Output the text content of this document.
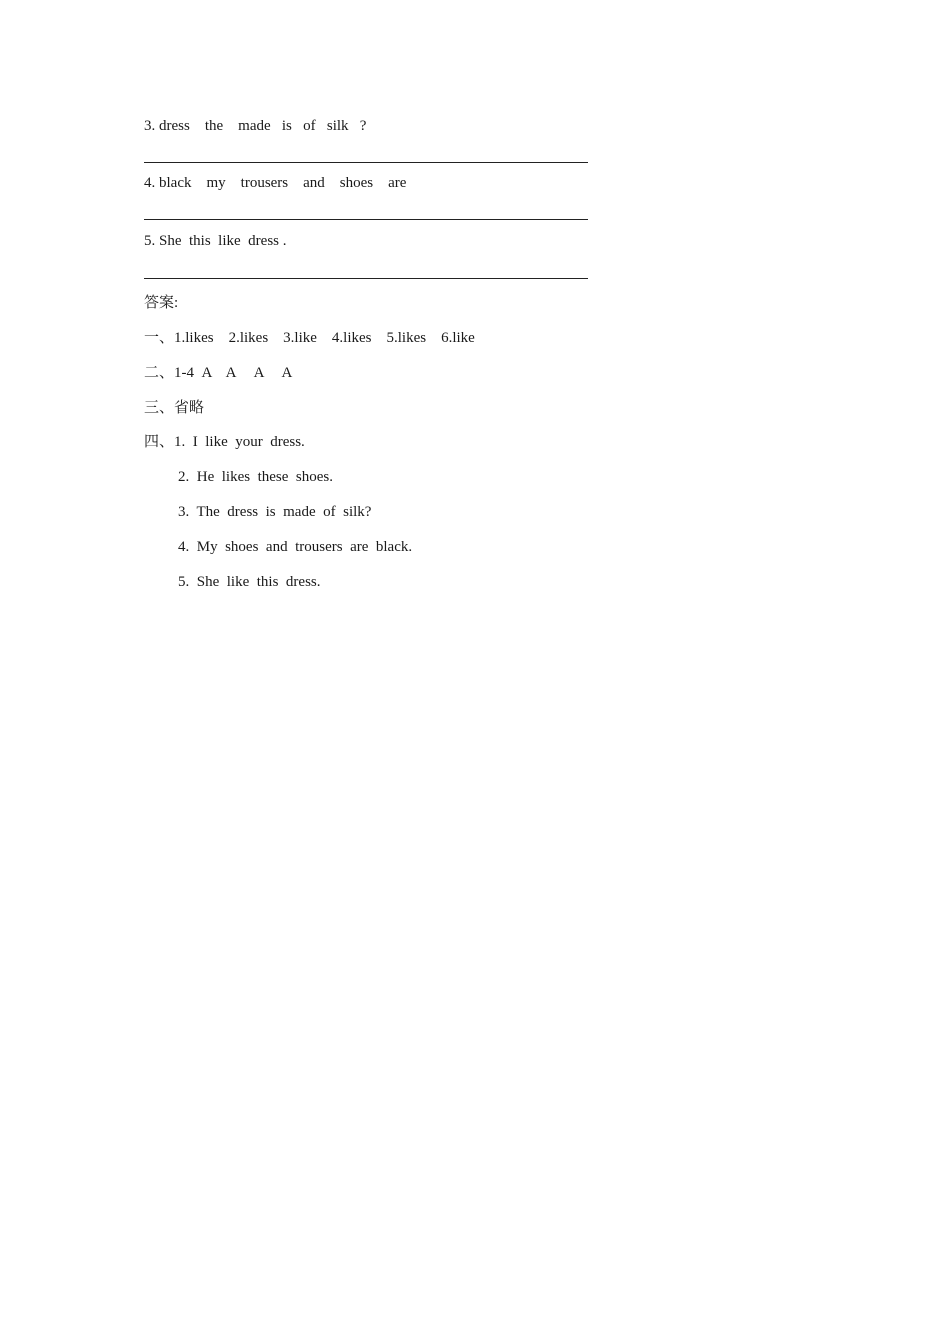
3. dress    the    made   is   of   silk   ?
4. black    my    trousers    and    shoes    are
5. She  this  like  dress .
答案:
一、1.likes    2.likes    3.like    4.likes    5.likes    6.like
二、1-4  A    A     A     A
三、省略
四、1.  I  like  your  dress.
2.  He  likes  these  shoes.
3.  The  dress  is  made  of  silk?
4.  My  shoes  and  trousers  are  black.
5.  She  like  this  dress.
